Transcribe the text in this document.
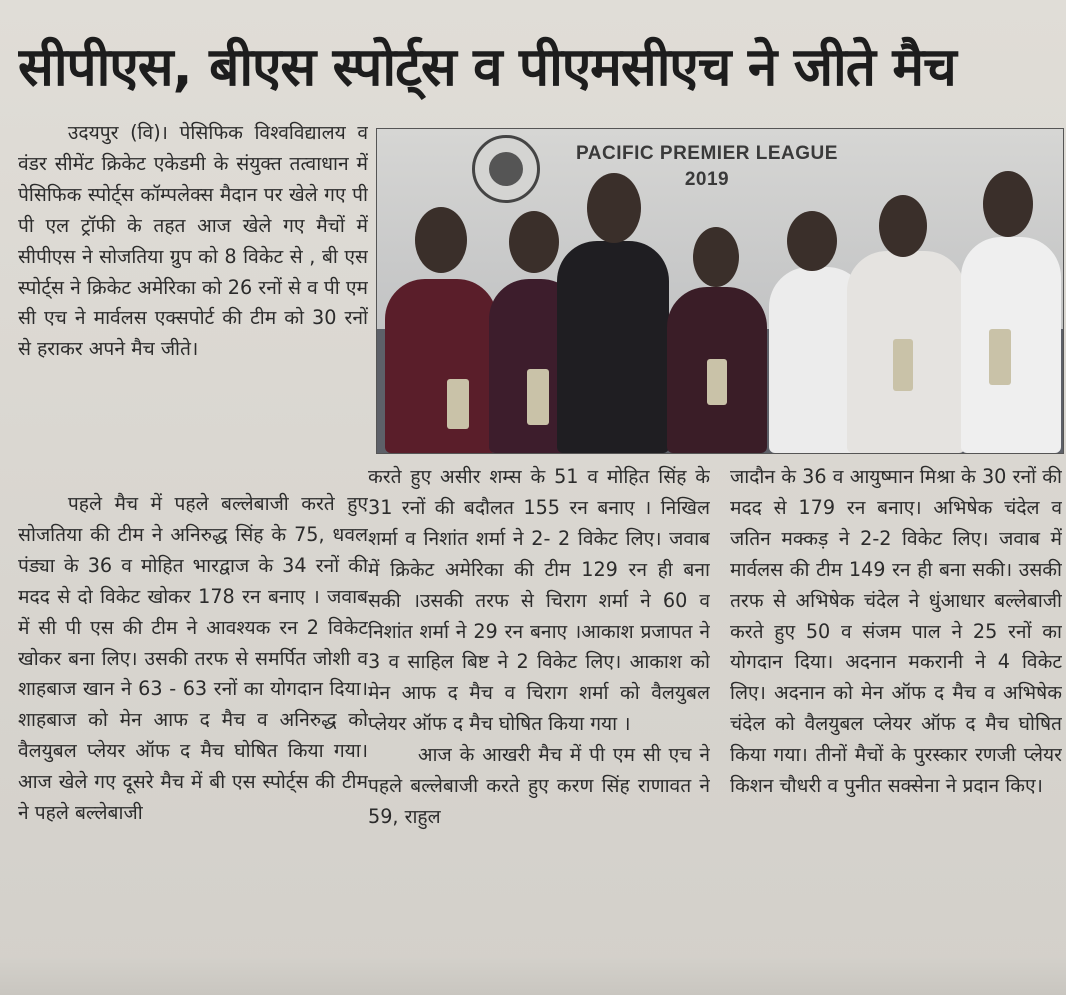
सीपीएस, बीएस स्पोर्ट्स व पीएमसीएच ने जीते मैच

उदयपुर (वि)। पेसिफिक विश्वविद्यालय व वंडर सीमेंट क्रिकेट एकेडमी के संयुक्त तत्वाधान में पेसिफिक स्पोर्ट्स कॉम्पलेक्स मैदान पर खेले गए पी पी एल ट्रॉफी के तहत आज खेले गए मैचों में सीपीएस ने सोजतिया ग्रुप को 8 विकेट से , बी एस स्पोर्ट्स ने क्रिकेट अमेरिका को 26 रनों से व पी एम सी एच ने मार्वलस एक्सपोर्ट की टीम को 30 रनों से हराकर अपने मैच जीते।

PACIFIC PREMIER LEAGUE
2019

पहले मैच में पहले बल्लेबाजी करते हुए सोजतिया की टीम ने अनिरुद्ध सिंह के 75, धवल पंड्या के 36 व मोहित भारद्वाज के 34 रनों की मदद से दो विकेट खोकर 178 रन बनाए । जवाब में सी पी एस की टीम ने आवश्यक रन 2 विकेट खोकर बना लिए। उसकी तरफ से समर्पित जोशी व शाहबाज खान ने 63 - 63 रनों का योगदान दिया। शाहबाज को मेन आफ द मैच व अनिरुद्ध को वैलयुबल प्लेयर ऑफ द मैच घोषित किया गया।आज खेले गए दूसरे मैच में बी एस स्पोर्ट्स की टीम ने पहले बल्लेबाजी

करते हुए असीर शम्स के 51 व मोहित सिंह के 31 रनों की बदौलत 155 रन बनाए । निखिल शर्मा व निशांत शर्मा ने 2- 2 विकेट लिए। जवाब में क्रिकेट अमेरिका की टीम 129 रन ही बना सकी ।उसकी तरफ से चिराग शर्मा ने 60 व निशांत शर्मा ने 29 रन बनाए ।आकाश प्रजापत ने 3 व साहिल बिष्ट ने 2 विकेट लिए। आकाश को मेन आफ द मैच व चिराग शर्मा को वैलयुबल प्लेयर ऑफ द मैच घोषित किया गया ।

आज के आखरी मैच में पी एम सी एच ने पहले बल्लेबाजी करते हुए करण सिंह राणावत ने 59, राहुल

जादौन के 36 व आयुष्मान मिश्रा के 30 रनों की मदद से 179 रन बनाए। अभिषेक चंदेल व जतिन मक्कड़ ने 2-2 विकेट लिए। जवाब में मार्वलस की टीम 149 रन ही बना सकी। उसकी तरफ से अभिषेक चंदेल ने धुंआधार बल्लेबाजी करते हुए 50 व संजम पाल ने 25 रनों का योगदान दिया। अदनान मकरानी ने 4 विकेट लिए। अदनान को मेन ऑफ द मैच व अभिषेक चंदेल को वैलयुबल प्लेयर ऑफ द मैच घोषित किया गया। तीनों मैचों के पुरस्कार रणजी प्लेयर किशन चौधरी व पुनीत सक्सेना ने प्रदान किए।
